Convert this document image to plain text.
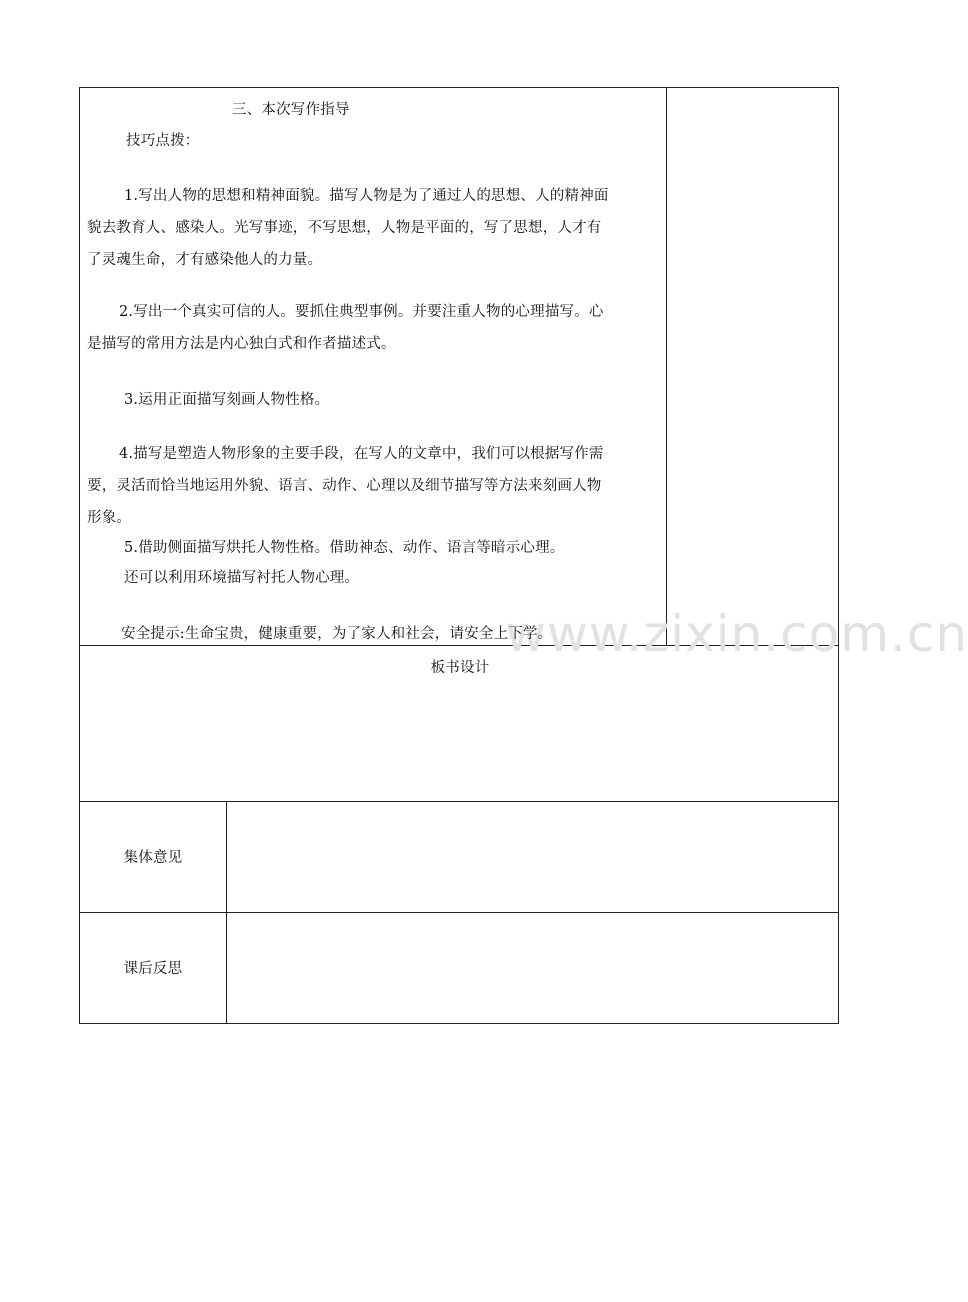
www.zixin.com.cn
三、本次写作指导
技巧点拨：
1.写出人物的思想和精神面貌。描写人物是为了通过人的思想、人的精神面
貌去教育人、感染人。光写事迹，不写思想，人物是平面的，写了思想，人才有
了灵魂生命，才有感染他人的力量。
2.写出一个真实可信的人。要抓住典型事例。并要注重人物的心理描写。心
是描写的常用方法是内心独白式和作者描述式。
3.运用正面描写刻画人物性格。
4.描写是塑造人物形象的主要手段，在写人的文章中，我们可以根据写作需
要，灵活而恰当地运用外貌、语言、动作、心理以及细节描写等方法来刻画人物
形象。
5.借助侧面描写烘托人物性格。借助神态、动作、语言等暗示心理。
还可以利用环境描写衬托人物心理。
安全提示:生命宝贵，健康重要，为了家人和社会，请安全上下学。
板书设计
集体意见
课后反思
